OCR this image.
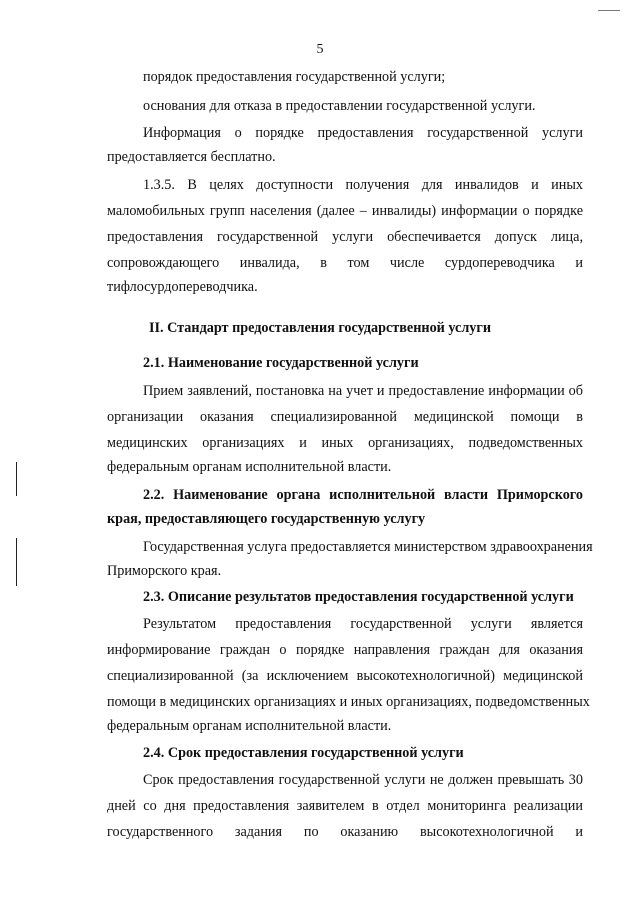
5
порядок предоставления государственной услуги;
основания для отказа в предоставлении государственной услуги.
Информация о порядке предоставления государственной услуги
предоставляется бесплатно.
1.3.5. В целях доступности получения для инвалидов и иных
маломобильных групп населения (далее – инвалиды) информации о порядке
предоставления государственной услуги обеспечивается допуск лица,
сопровождающего инвалида, в том числе сурдопереводчика и
тифлосурдопереводчика.
II. Стандарт предоставления государственной услуги
2.1. Наименование государственной услуги
Прием заявлений, постановка на учет и предоставление информации об
организации оказания специализированной медицинской помощи в
медицинских организациях и иных организациях, подведомственных
федеральным органам исполнительной власти.
2.2. Наименование органа исполнительной власти Приморского
края, предоставляющего государственную услугу
Государственная услуга предоставляется министерством здравоохранения
Приморского края.
2.3. Описание результатов предоставления государственной услуги
Результатом предоставления государственной услуги является
информирование граждан о порядке направления граждан для оказания
специализированной (за исключением высокотехнологичной) медицинской
помощи в медицинских организациях и иных организациях, подведомственных
федеральным органам исполнительной власти.
2.4. Срок предоставления государственной услуги
Срок предоставления государственной услуги не должен превышать 30
дней со дня предоставления заявителем в отдел мониторинга реализации
государственного задания по оказанию высокотехнологичной и
